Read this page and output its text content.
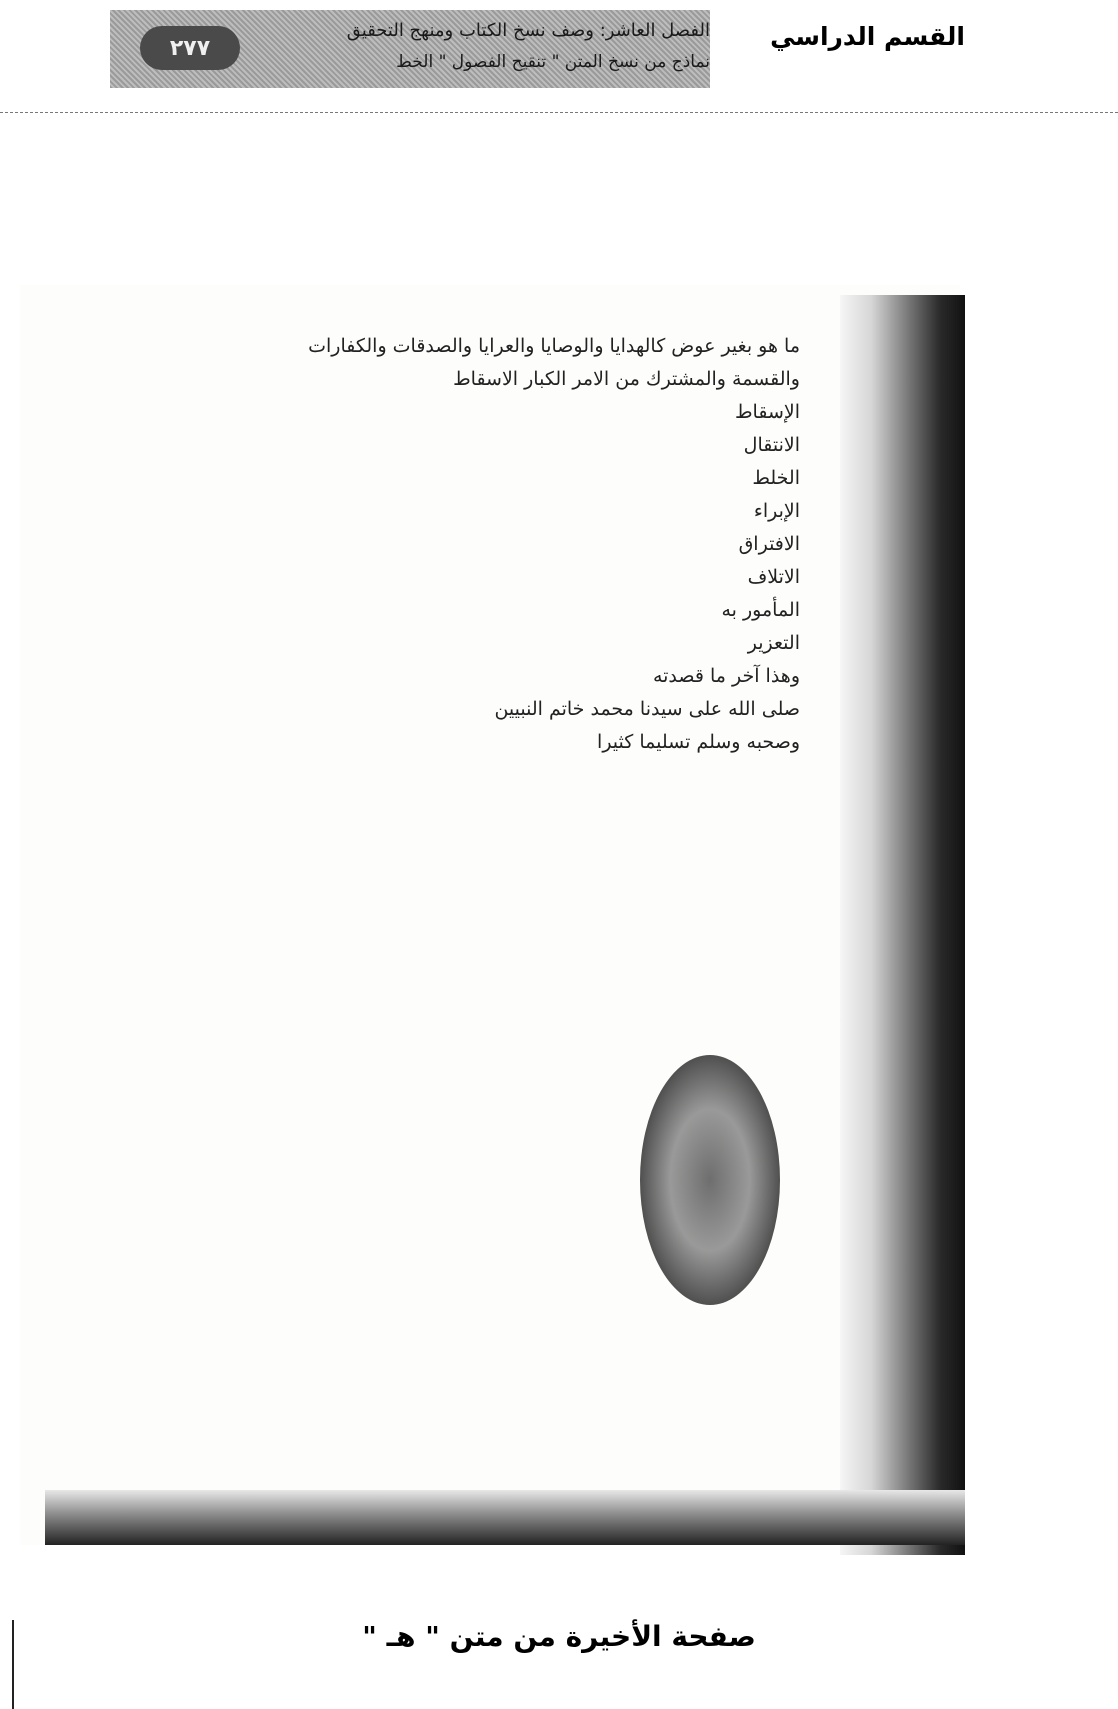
٢٧٧	القسم الدراسي
الفصل العاشر: وصف نسخ الكتاب ومنهج التحقيق
نماذج من نسخ المتن " تنقيح الفصول " الخط
ما هو بغير عوض كالهدايا والوصايا والعرايا والصدقات والكفارات
والقسمة والمشترك من الامر الكبار الاسقاط
الإسقاط
الانتقال
الخلط
الإبراء
الافتراق
الاتلاف
المأمور به
التعزير
وهذا آخر ما قصدته
صلى الله على سيدنا محمد خاتم النبيين
وصحبه وسلم تسليما كثيرا
صفحة الأخيرة من متن " هـ "
